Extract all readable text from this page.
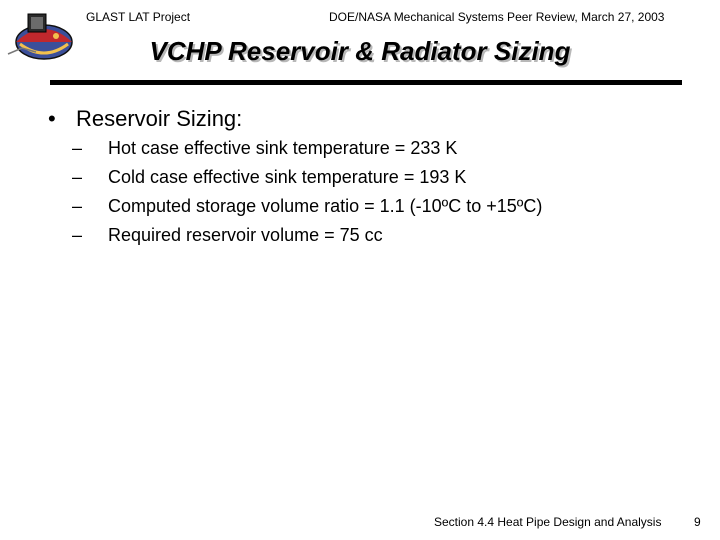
GLAST LAT Project	DOE/NASA Mechanical Systems Peer Review, March 27, 2003
VCHP Reservoir & Radiator Sizing
• Reservoir Sizing:
– Hot case effective sink temperature = 233 K
– Cold case effective sink temperature = 193 K
– Computed storage volume ratio = 1.1 (-10ºC to +15ºC)
– Required reservoir volume = 75 cc
Section 4.4 Heat Pipe Design and Analysis	9
